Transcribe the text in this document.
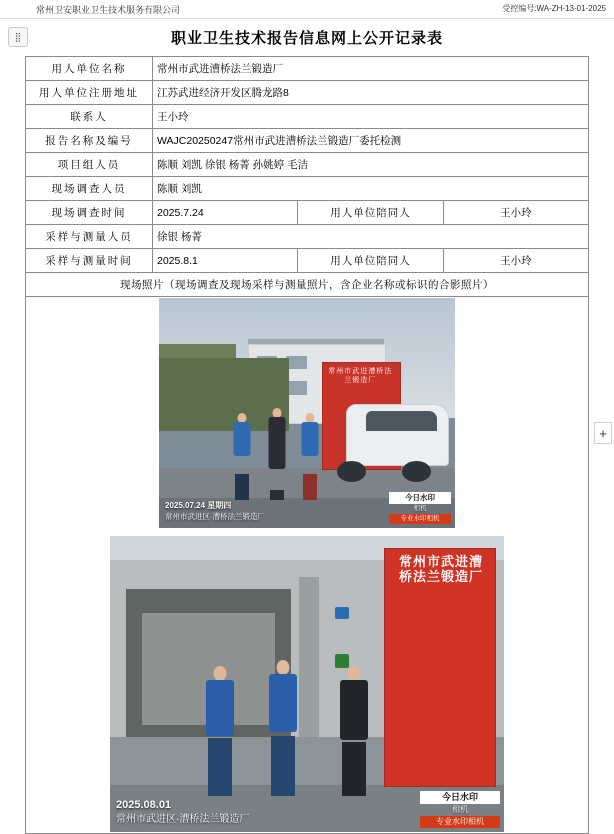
常州卫安职业卫生技术服务有限公司	受控编号:WA-ZH-13-01-2025
⣿
+
职业卫生技术报告信息网上公开记录表
用人单位名称	常州市武进漕桥法兰锻造厂		
用人单位注册地址	江苏武进经济开发区腾龙路8		
联系人	王小玲		
报告名称及编号	WAJC20250247常州市武进漕桥法兰锻造厂委托检测		
项目组人员	陈顺 刘凯 徐银 杨菁 孙姚婷 毛洁		
现场调查人员	陈顺 刘凯		
现场调查时间	2025.7.24	用人单位陪同人	王小玲
采样与测量人员	徐银 杨菁		
采样与测量时间	2025.8.1	用人单位陪同人	王小玲
现场照片（现场调查及现场采样与测量照片，含企业名称或标识的合影照片）			

常州市武进漕桥法兰锻造厂
2025.07.24 星期四
常州市武进区·漕桥法兰锻造厂
今日水印
相机
专业水印相机
常州市武进漕桥法兰锻造厂
2025.08.01
常州市武进区·漕桥法兰锻造厂
今日水印
相机
专业水印相机
